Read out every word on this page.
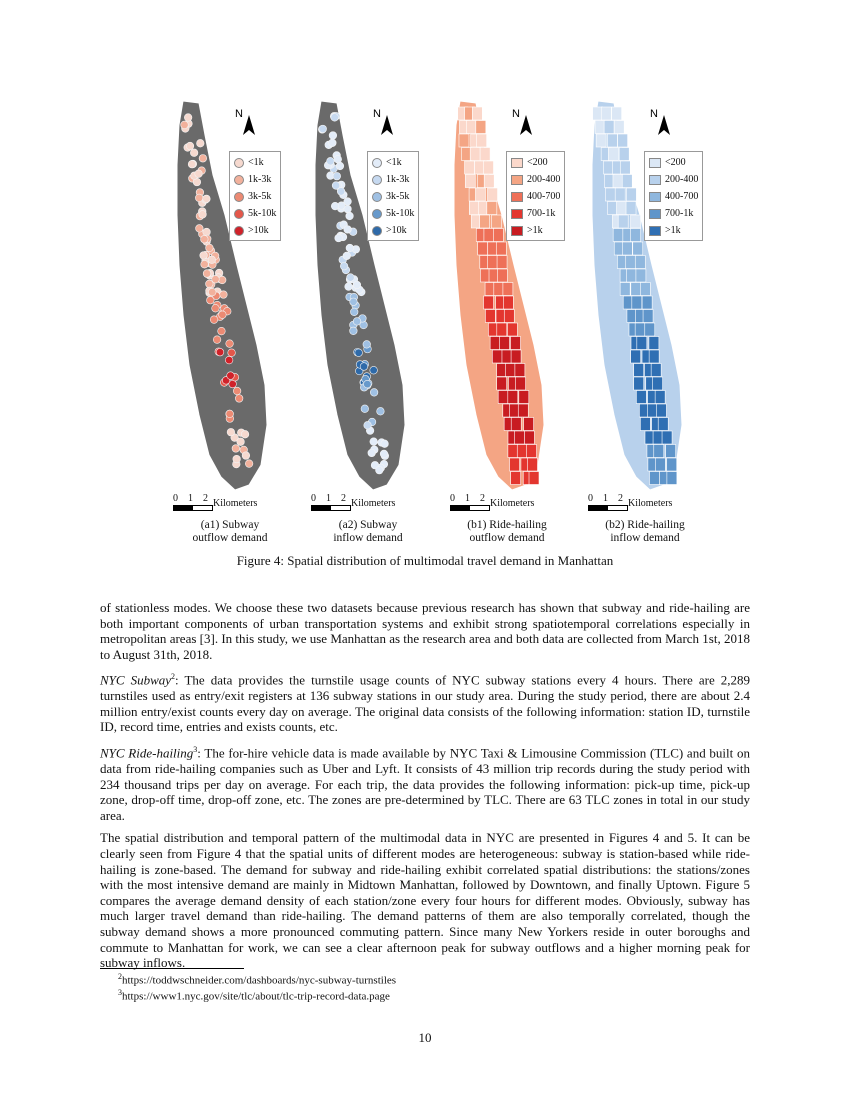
N
<1k
1k-3k
3k-5k
5k-10k
>10k
0 1 2 Kilometers
(a1) Subway
outflow demand
N
<1k
1k-3k
3k-5k
5k-10k
>10k
0 1 2 Kilometers
(a2) Subway
inflow demand
N
<200
200-400
400-700
700-1k
>1k
0 1 2 Kilometers
(b1) Ride-hailing
outflow demand
N
<200
200-400
400-700
700-1k
>1k
0 1 2 Kilometers
(b2) Ride-hailing
inflow demand
Figure 4: Spatial distribution of multimodal travel demand in Manhattan

of stationless modes. We choose these two datasets because previous research has shown that subway and ride-hailing are both important components of urban transportation systems and exhibit strong spatiotemporal correlations especially in metropolitan areas [3]. In this study, we use Manhattan as the research area and both data are collected from March 1st, 2018 to August 31th, 2018.

NYC Subway$^2$: The data provides the turnstile usage counts of NYC subway stations every 4 hours. There are 2,289 turnstiles used as entry/exit registers at 136 subway stations in our study area. During the study period, there are about 2.4 million entry/exist counts every day on average. The original data consists of the following information: station ID, turnstile ID, record time, entries and exists counts, etc.

NYC Ride-hailing$^3$: The for-hire vehicle data is made available by NYC Taxi & Limousine Commission (TLC) and built on data from ride-hailing companies such as Uber and Lyft. It consists of 43 million trip records during the study period with 234 thousand trips per day on average. For each trip, the data provides the following information: pick-up time, pick-up zone, drop-off time, drop-off zone, etc. The zones are pre-determined by TLC. There are 63 TLC zones in total in our study area.

The spatial distribution and temporal pattern of the multimodal data in NYC are presented in Figures 4 and 5. It can be clearly seen from Figure 4 that the spatial units of different modes are heterogeneous: subway is station-based while ride-hailing is zone-based. The demand for subway and ride-hailing exhibit correlated spatial distributions: the stations/zones with the most intensive demand are mainly in Midtown Manhattan, followed by Downtown, and finally Uptown. Figure 5 compares the average demand density of each station/zone every four hours for different modes. Obviously, subway has much larger travel demand than ride-hailing. The demand patterns of them are also temporally correlated, though the subway demand shows a more pronounced commuting pattern. Since many New Yorkers reside in outer boroughs and commute to Manhattan for work, we can see a clear afternoon peak for subway outflows and a higher morning peak for subway inflows.

$^2$https://toddwschneider.com/dashboards/nyc-subway-turnstiles
$^3$https://www1.nyc.gov/site/tlc/about/tlc-trip-record-data.page
10
